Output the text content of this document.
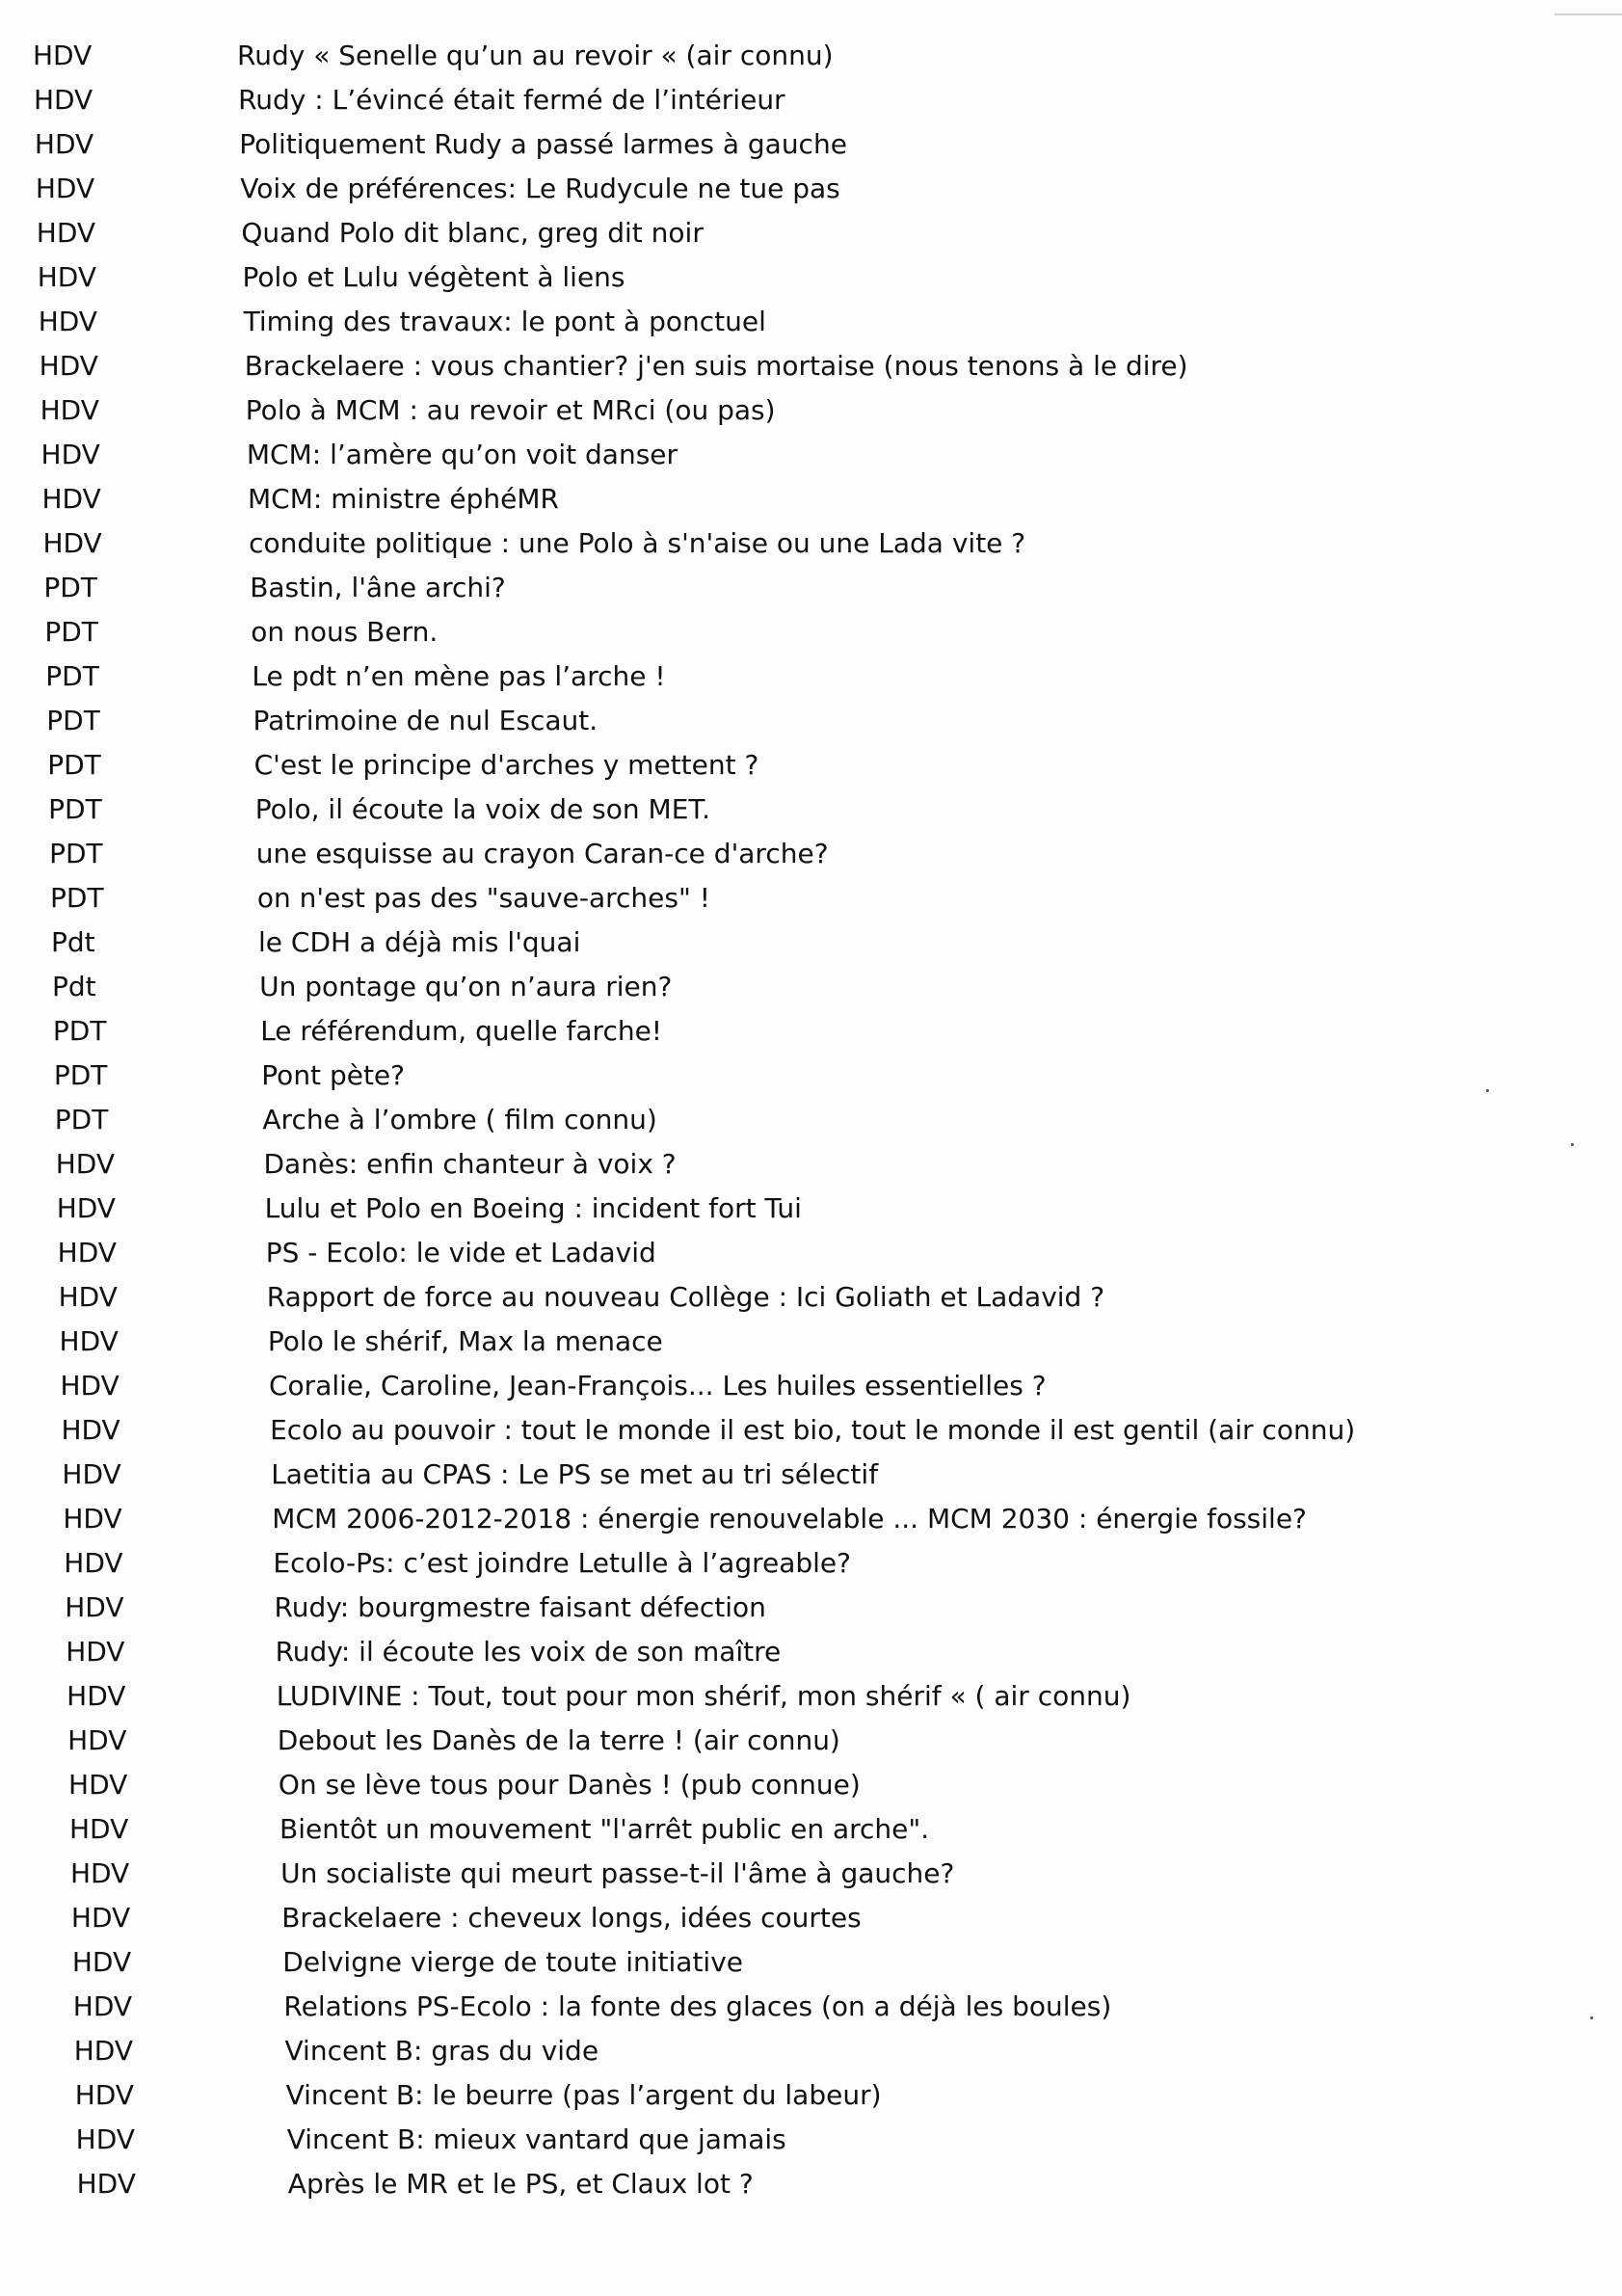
HDV	Rudy « Senelle qu’un au revoir « (air connu)
HDV	Rudy : L’évincé était fermé de l’intérieur
HDV	Politiquement Rudy a passé larmes à gauche
HDV	Voix de préférences: Le Rudycule ne tue pas
HDV	Quand Polo dit blanc, greg dit noir
HDV	Polo et Lulu végètent à liens
HDV	Timing des travaux: le pont à ponctuel
HDV	Brackelaere : vous chantier? j'en suis mortaise (nous tenons à le dire)
HDV	Polo à MCM : au revoir et MRci (ou pas)
HDV	MCM: l’amère qu’on voit danser
HDV	MCM: ministre éphéMR
HDV	conduite politique : une Polo à s'n'aise ou une Lada vite ?
PDT	Bastin, l'âne archi?
PDT	on nous Bern.
PDT	Le pdt n’en mène pas l’arche !
PDT	Patrimoine de nul Escaut.
PDT	C'est le principe d'arches y mettent ?
PDT	Polo, il écoute la voix de son MET.
PDT	une esquisse au crayon Caran-ce d'arche?
PDT	on n'est pas des "sauve-arches" !
Pdt	le CDH a déjà mis l'quai
Pdt	Un pontage qu’on n’aura rien?
PDT	Le référendum, quelle farche!
PDT	Pont pète?
PDT	Arche à l’ombre ( film connu)
HDV	Danès: enfin chanteur à voix ?
HDV	Lulu et Polo en Boeing : incident fort Tui
HDV	PS - Ecolo: le vide et Ladavid
HDV	Rapport de force au nouveau Collège : Ici Goliath et Ladavid ?
HDV	Polo le shérif, Max la menace
HDV	Coralie, Caroline, Jean-François... Les huiles essentielles ?
HDV	Ecolo au pouvoir : tout le monde il est bio, tout le monde il est gentil (air connu)
HDV	Laetitia au CPAS : Le PS se met au tri sélectif
HDV	MCM 2006-2012-2018 : énergie renouvelable ... MCM 2030 : énergie fossile?
HDV	Ecolo-Ps: c’est joindre Letulle à l’agreable?
HDV	Rudy: bourgmestre faisant défection
HDV	Rudy: il écoute les voix de son maître
HDV	LUDIVINE : Tout, tout pour mon shérif, mon shérif « ( air connu)
HDV	Debout les Danès de la terre ! (air connu)
HDV	On se lève tous pour Danès ! (pub connue)
HDV	Bientôt un mouvement "l'arrêt public en arche".
HDV	Un socialiste qui meurt passe-t-il l'âme à gauche?
HDV	Brackelaere : cheveux longs, idées courtes
HDV	Delvigne vierge de toute initiative
HDV	Relations PS-Ecolo : la fonte des glaces (on a déjà les boules)
HDV	Vincent B: gras du vide
HDV	Vincent B: le beurre (pas l’argent du labeur)
HDV	Vincent B: mieux vantard que jamais
HDV	Après le MR et le PS, et Claux lot ?
